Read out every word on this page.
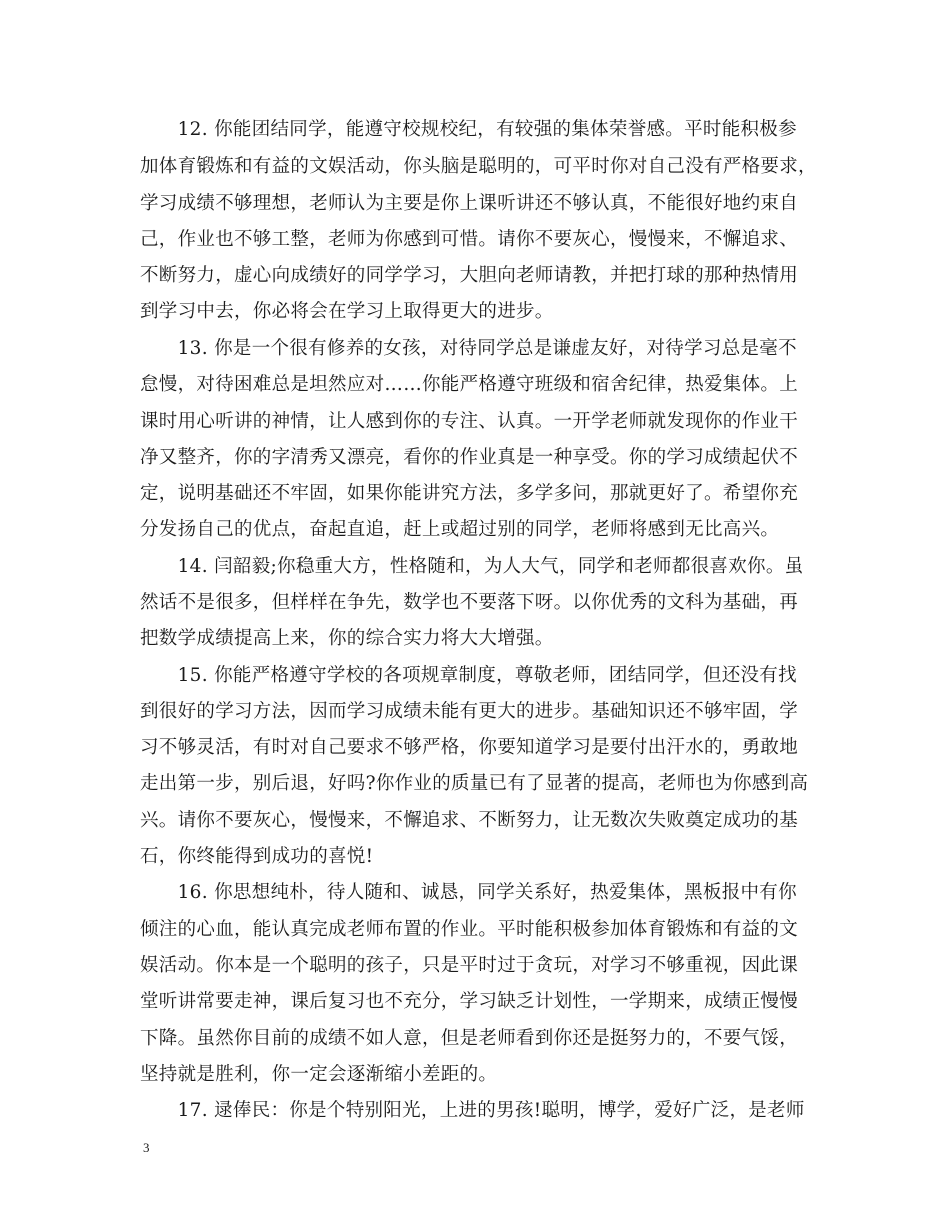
　　12. 你能团结同学，能遵守校规校纪，有较强的集体荣誉感。平时能积极参
加体育锻炼和有益的文娱活动，你头脑是聪明的，可平时你对自己没有严格要求，
学习成绩不够理想，老师认为主要是你上课听讲还不够认真，不能很好地约束自
己，作业也不够工整，老师为你感到可惜。请你不要灰心，慢慢来，不懈追求、
不断努力，虚心向成绩好的同学学习，大胆向老师请教，并把打球的那种热情用
到学习中去，你必将会在学习上取得更大的进步。
　　13. 你是一个很有修养的女孩，对待同学总是谦虚友好，对待学习总是毫不
怠慢，对待困难总是坦然应对……你能严格遵守班级和宿舍纪律，热爱集体。上
课时用心听讲的神情，让人感到你的专注、认真。一开学老师就发现你的作业干
净又整齐，你的字清秀又漂亮，看你的作业真是一种享受。你的学习成绩起伏不
定，说明基础还不牢固，如果你能讲究方法，多学多问，那就更好了。希望你充
分发扬自己的优点，奋起直追，赶上或超过别的同学，老师将感到无比高兴。
　　14. 闫韶毅;你稳重大方，性格随和，为人大气，同学和老师都很喜欢你。虽
然话不是很多，但样样在争先，数学也不要落下呀。以你优秀的文科为基础，再
把数学成绩提高上来，你的综合实力将大大增强。
　　15. 你能严格遵守学校的各项规章制度，尊敬老师，团结同学，但还没有找
到很好的学习方法，因而学习成绩未能有更大的进步。基础知识还不够牢固，学
习不够灵活，有时对自己要求不够严格，你要知道学习是要付出汗水的，勇敢地
走出第一步，别后退，好吗?你作业的质量已有了显著的提高，老师也为你感到高
兴。请你不要灰心，慢慢来，不懈追求、不断努力，让无数次失败奠定成功的基
石，你终能得到成功的喜悦!
　　16. 你思想纯朴，待人随和、诚恳，同学关系好，热爱集体，黑板报中有你
倾注的心血，能认真完成老师布置的作业。平时能积极参加体育锻炼和有益的文
娱活动。你本是一个聪明的孩子，只是平时过于贪玩，对学习不够重视，因此课
堂听讲常要走神，课后复习也不充分，学习缺乏计划性，一学期来，成绩正慢慢
下降。虽然你目前的成绩不如人意，但是老师看到你还是挺努力的，不要气馁，
坚持就是胜利，你一定会逐渐缩小差距的。
　　17. 逯俸民：你是个特别阳光，上进的男孩!聪明，博学，爱好广泛，是老师
3
